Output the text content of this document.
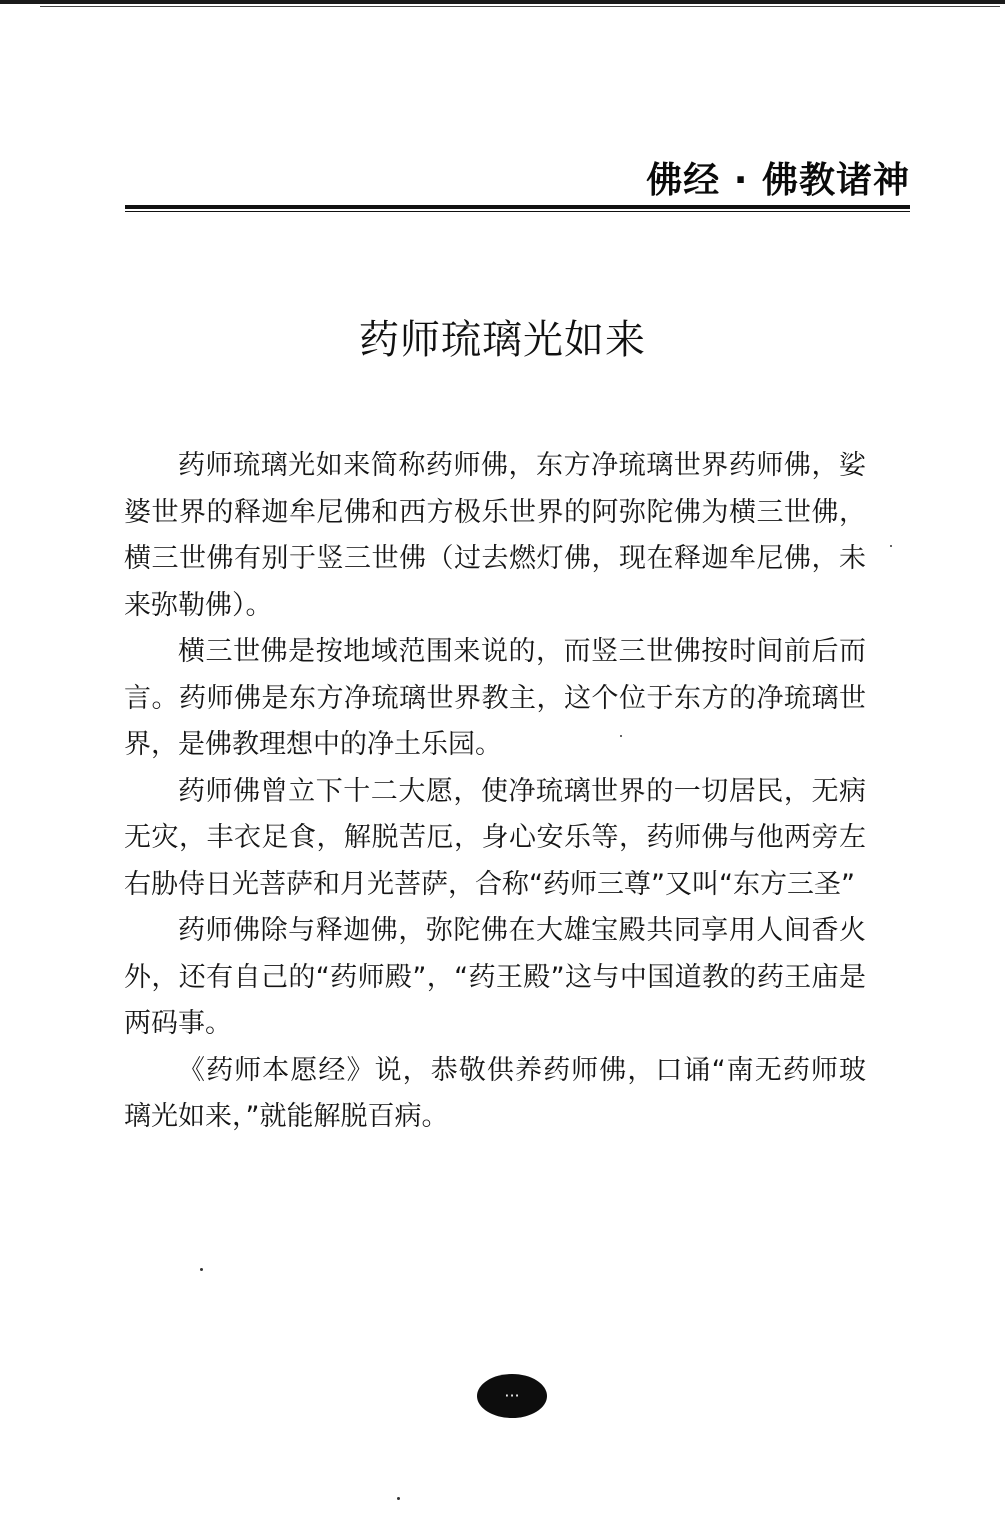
佛经 · 佛教诸神
药师琉璃光如来

药师琉璃光如来简称药师佛，东方净琉璃世界药师佛，娑婆世界的释迦牟尼佛和西方极乐世界的阿弥陀佛为横三世佛，横三世佛有别于竖三世佛（过去燃灯佛，现在释迦牟尼佛，未来弥勒佛）。

横三世佛是按地域范围来说的，而竖三世佛按时间前后而言。药师佛是东方净琉璃世界教主，这个位于东方的净琉璃世界，是佛教理想中的净土乐园。

药师佛曾立下十二大愿，使净琉璃世界的一切居民，无病无灾，丰衣足食，解脱苦厄，身心安乐等，药师佛与他两旁左右胁侍日光菩萨和月光菩萨，合称“药师三尊”又叫“东方三圣”

药师佛除与释迦佛，弥陀佛在大雄宝殿共同享用人间香火外，还有自己的“药师殿”，“药王殿”这与中国道教的药王庙是两码事。

《药师本愿经》说，恭敬供养药师佛，口诵“南无药师玻璃光如来，”就能解脱百病。

···
